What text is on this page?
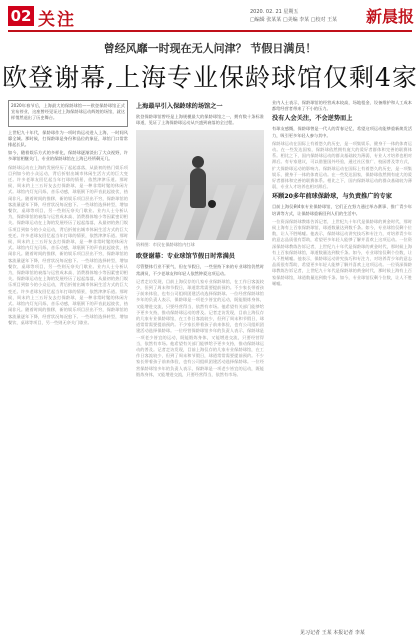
02 关注	2020. 02. 21 星期五
□编辑 张某某 □美编 李某 □校对 王某 新晨报
曾经风靡一时现在无人问津？ 节假日满员！
欧登谢幕,上海专业保龄球馆仅剩4家

2020年春节后，上海最大的保龄球馆——欧登保龄球馆正式宣布停业，这座曾经见证过上海保龄球运动辉煌的场馆，就这样悄然退出了历史舞台。

上世纪九十年代，保龄球作为一项时尚运动进入上海，一时间风靡全城。那时候，打保龄球是身份和品位的象征，球馆门口常常排起长队。

如今，随着娱乐方式的多样化，保龄球逐渐淡出了大众视野，许多球馆相继关门，专业的保龄球馆在上海已经所剩无几。

保龄球运动在上海的发展经历了起起落落，从最初的热门娱乐项目到如今的小众运动，背后折射出城市休闲生活方式的巨大变迁。许多老球友回忆起当年打球的情景，依然津津乐道。那时候，周末约上三五好友去打保龄球，是一种非常时髦的休闲方式。球馆内灯光闪烁，音乐动感，球瓶倒下的声音此起彼伏，热闹非凡。随着时间的推移，新的娱乐项目层出不穷，保龄球馆的客流量逐年下降，经营状况每况愈下。一些球馆选择转型，增加餐饮、桌球等项目，另一些则无奈关门歇业。业内人士分析认为，保龄球馆的衰落与运营成本高、消费群体缩小等因素密切相关。保龄球运动在上海的发展经历了起起落落，从最初的热门娱乐项目到如今的小众运动，背后折射出城市休闲生活方式的巨大变迁。许多老球友回忆起当年打球的情景，依然津津乐道。那时候，周末约上三五好友去打保龄球，是一种非常时髦的休闲方式。球馆内灯光闪烁，音乐动感，球瓶倒下的声音此起彼伏，热闹非凡。随着时间的推移，新的娱乐项目层出不穷，保龄球馆的客流量逐年下降，经营状况每况愈下。一些球馆选择转型，增加餐饮、桌球等项目，另一些则无奈关门歇业。业内人士分析认为，保龄球馆的衰落与运营成本高、消费群体缩小等因素密切相关。保龄球运动在上海的发展经历了起起落落，从最初的热门娱乐项目到如今的小众运动，背后折射出城市休闲生活方式的巨大变迁。许多老球友回忆起当年打球的情景，依然津津乐道。那时候，周末约上三五好友去打保龄球，是一种非常时髦的休闲方式。球馆内灯光闪烁，音乐动感，球瓶倒下的声音此起彼伏，热闹非凡。随着时间的推移，新的娱乐项目层出不穷，保龄球馆的客流量逐年下降，经营状况每况愈下。一些球馆选择转型，增加餐饮、桌球等项目，另一些则无奈关门歇业。

上海最早引入保龄球的场馆之一

欧登保龄球馆曾经是上海规模最大的保龄球馆之一，拥有数十条标准球道，见证了上海保龄球运动从兴盛到衰落的全过程。

欧登谢幕：专业球馆节假日时常满员

尽管整体行业不景气，但在节假日，一些坚持下来的专业球馆仍然时常满员，不少老球友和年轻人依然钟爱这项运动。

记者走访发现，目前上海仅存的几家专业保龄球馆，在工作日客流较少，但到了周末和节假日，球道常常需要提前预约。不少家长带着孩子前来体验，也有公司组织团建活动选择保龄球。一位经营保龄球馆多年的负责人表示，保龄球是一项老少皆宜的运动，既能锻炼身体，又能增进交流，只要经营得当，依然有市场。他希望有关部门能够给予更多支持，推动保龄球运动的普及。记者走访发现，目前上海仅存的几家专业保龄球馆，在工作日客流较少，但到了周末和节假日，球道常常需要提前预约。不少家长带着孩子前来体验，也有公司组织团建活动选择保龄球。一位经营保龄球馆多年的负责人表示，保龄球是一项老少皆宜的运动，既能锻炼身体，又能增进交流，只要经营得当，依然有市场。他希望有关部门能够给予更多支持，推动保龄球运动的普及。记者走访发现，目前上海仅存的几家专业保龄球馆，在工作日客流较少，但到了周末和节假日，球道常常需要提前预约。不少家长带着孩子前来体验，也有公司组织团建活动选择保龄球。一位经营保龄球馆多年的负责人表示，保龄球是一项老少皆宜的运动，既能锻炼身体，又能增进交流，只要经营得当，依然有市场。

资料图：市民在保龄球馆内打球

业内人士表示，保龄球馆的经营成本较高，场地租金、设备维护和人工成本都给经营者带来了不小的压力。

没有人会关注，不会逆势而上

有球友感慨，保龄球曾是一代人的青春记忆，希望这项运动能够重新焕发活力，吸引更多年轻人参与其中。

保龄球运动在国际上有着悠久的历史，是一项集娱乐、健身于一体的体育运动。在一些发达国家，保龄球依然拥有庞大的爱好者群体和完善的联赛体系。相比之下，国内保龄球运动的群众基础较为薄弱，专业人才培养也相对滞后。有专家建议，可以借鉴国外经验，通过社区推广、校园普及等方式，扩大保龄球运动的影响力。保龄球运动在国际上有着悠久的历史，是一项集娱乐、健身于一体的体育运动。在一些发达国家，保龄球依然拥有庞大的爱好者群体和完善的联赛体系。相比之下，国内保龄球运动的群众基础较为薄弱，专业人才培养也相对滞后。

环顾20多年前球保龄球，与负责推广的专家

目前上海仅剩4家专业保龄球馆，它们正在努力通过举办赛事、推广青少年培训等方式，让保龄球重新回到人们的生活中。

一位资深保龄球教练告诉记者，上世纪九十年代是保龄球的黄金时代，那时候上海有上百家保龄球馆，球道数量达到数千条。如今，专业球馆仅剩个位数，让人不胜唏嘘。他表示，保龄球运动讲究技巧和专注力，对培养青少年的意志品质很有帮助，希望更多年轻人能够了解并喜欢上这项运动。一位资深保龄球教练告诉记者，上世纪九十年代是保龄球的黄金时代，那时候上海有上百家保龄球馆，球道数量达到数千条。如今，专业球馆仅剩个位数，让人不胜唏嘘。他表示，保龄球运动讲究技巧和专注力，对培养青少年的意志品质很有帮助，希望更多年轻人能够了解并喜欢上这项运动。一位资深保龄球教练告诉记者，上世纪九十年代是保龄球的黄金时代，那时候上海有上百家保龄球馆，球道数量达到数千条。如今，专业球馆仅剩个位数，让人不胜唏嘘。

见习记者 王某 本报记者 李某
